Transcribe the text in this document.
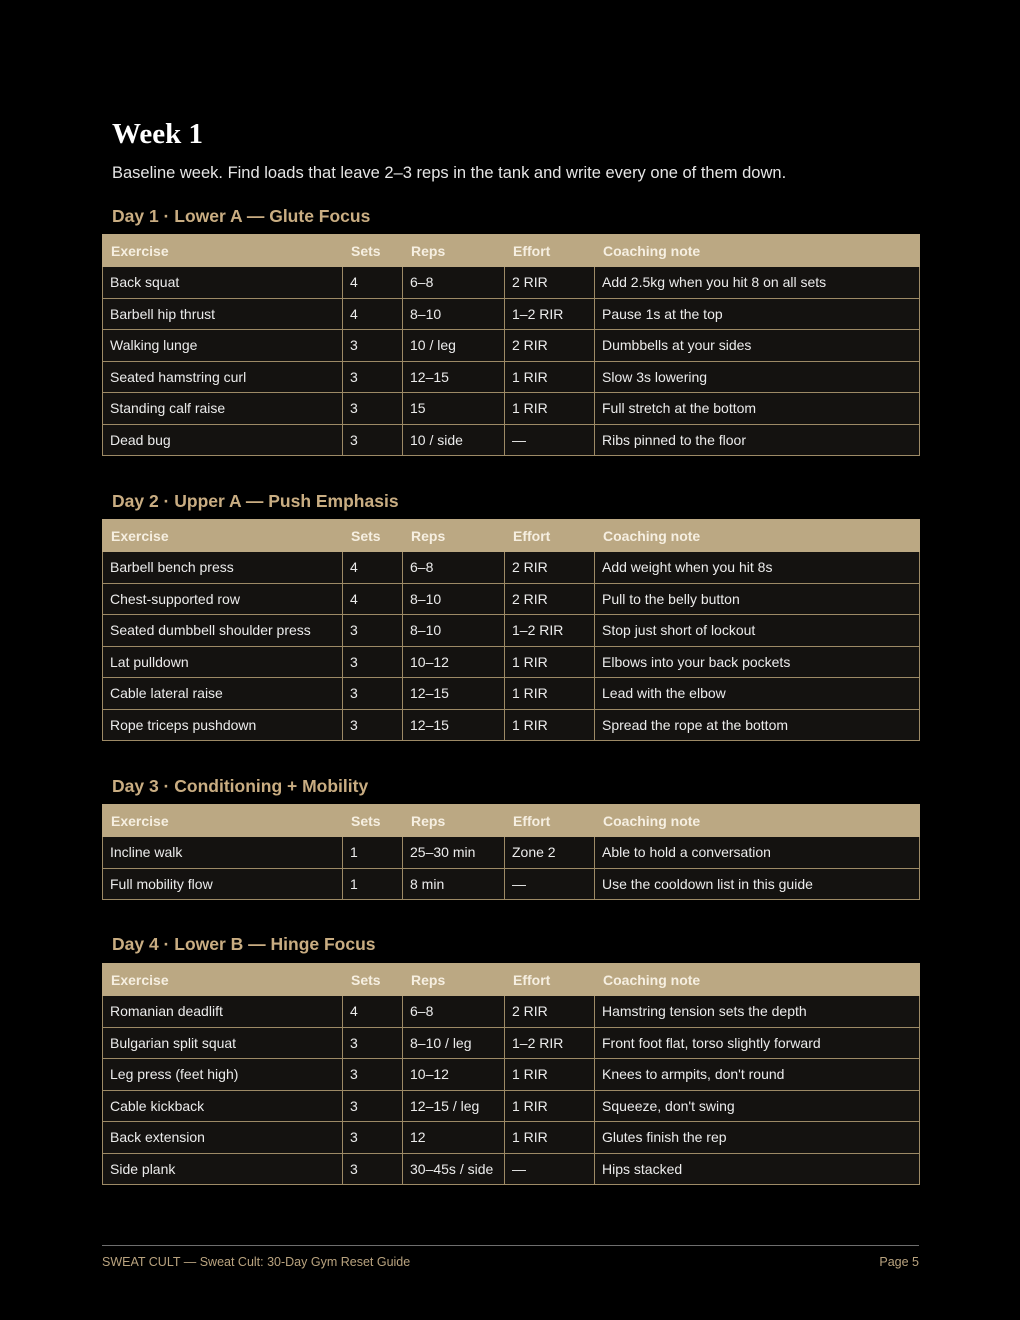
Week 1

Baseline week. Find loads that leave 2–3 reps in the tank and write every one of them down.

Day 1 · Lower A — Glute Focus
Exercise	Sets	Reps	Effort	Coaching note
Back squat	4	6–8	2 RIR	Add 2.5kg when you hit 8 on all sets
Barbell hip thrust	4	8–10	1–2 RIR	Pause 1s at the top
Walking lunge	3	10 / leg	2 RIR	Dumbbells at your sides
Seated hamstring curl	3	12–15	1 RIR	Slow 3s lowering
Standing calf raise	3	15	1 RIR	Full stretch at the bottom
Dead bug	3	10 / side	—	Ribs pinned to the floor
Day 2 · Upper A — Push Emphasis
Exercise	Sets	Reps	Effort	Coaching note
Barbell bench press	4	6–8	2 RIR	Add weight when you hit 8s
Chest-supported row	4	8–10	2 RIR	Pull to the belly button
Seated dumbbell shoulder press	3	8–10	1–2 RIR	Stop just short of lockout
Lat pulldown	3	10–12	1 RIR	Elbows into your back pockets
Cable lateral raise	3	12–15	1 RIR	Lead with the elbow
Rope triceps pushdown	3	12–15	1 RIR	Spread the rope at the bottom
Day 3 · Conditioning + Mobility
Exercise	Sets	Reps	Effort	Coaching note
Incline walk	1	25–30 min	Zone 2	Able to hold a conversation
Full mobility flow	1	8 min	—	Use the cooldown list in this guide
Day 4 · Lower B — Hinge Focus
Exercise	Sets	Reps	Effort	Coaching note
Romanian deadlift	4	6–8	2 RIR	Hamstring tension sets the depth
Bulgarian split squat	3	8–10 / leg	1–2 RIR	Front foot flat, torso slightly forward
Leg press (feet high)	3	10–12	1 RIR	Knees to armpits, don't round
Cable kickback	3	12–15 / leg	1 RIR	Squeeze, don't swing
Back extension	3	12	1 RIR	Glutes finish the rep
Side plank	3	30–45s / side	—	Hips stacked
SWEAT CULT — Sweat Cult: 30-Day Gym Reset Guide	Page 5
